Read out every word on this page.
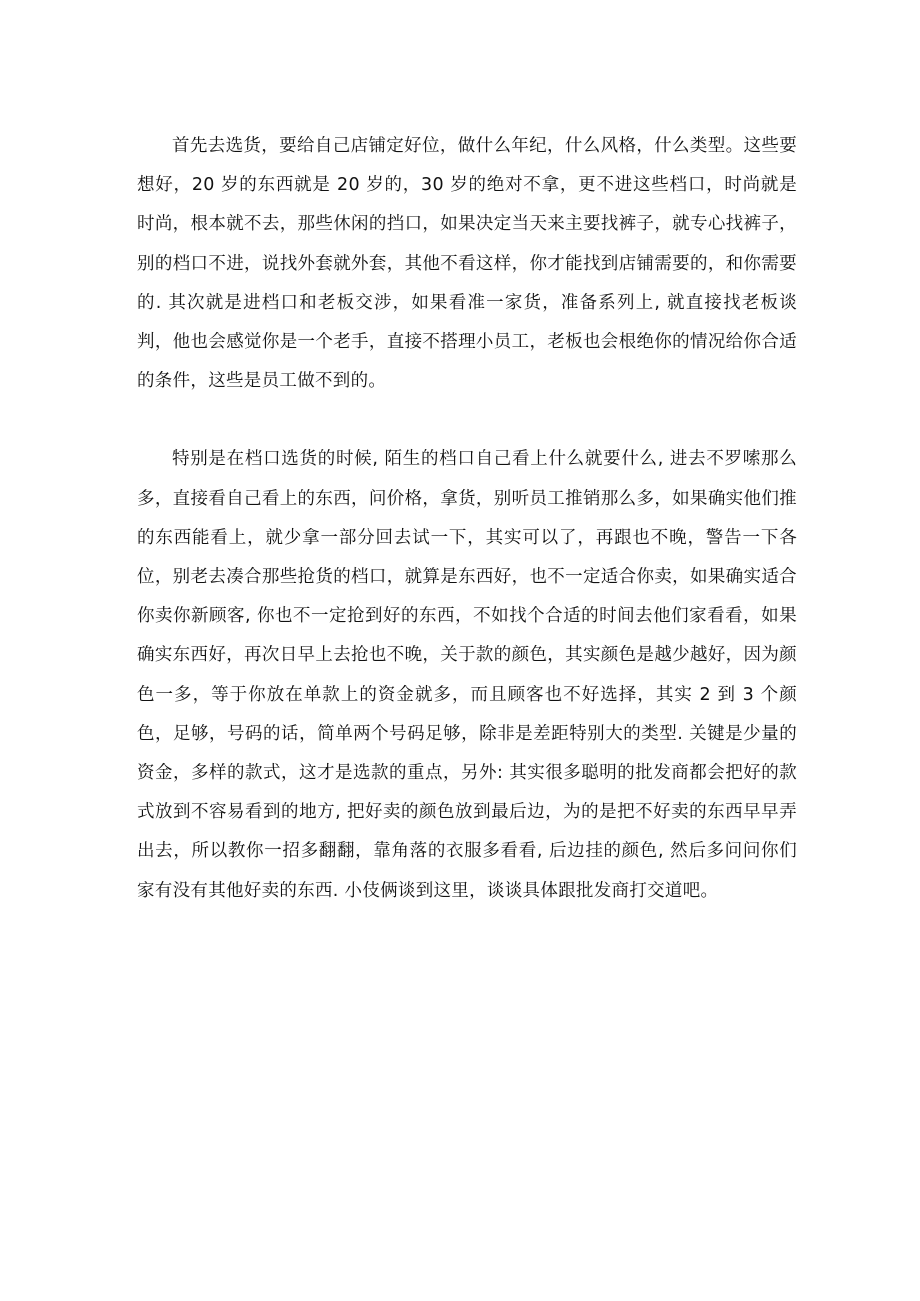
首先去选货，要给自己店铺定好位，做什么年纪，什么风格，什么类型。这些要想好，20 岁的东西就是 20 岁的，30 岁的绝对不拿，更不进这些档口，时尚就是时尚，根本就不去，那些休闲的挡口，如果决定当天来主要找裤子，就专心找裤子，别的档口不进，说找外套就外套，其他不看这样，你才能找到店铺需要的，和你需要的. 其次就是进档口和老板交涉，如果看准一家货，准备系列上, 就直接找老板谈判，他也会感觉你是一个老手，直接不搭理小员工，老板也会根绝你的情况给你合适的条件，这些是员工做不到的。

特别是在档口选货的时候, 陌生的档口自己看上什么就要什么, 进去不罗嗦那么多，直接看自己看上的东西，问价格，拿货，别听员工推销那么多，如果确实他们推的东西能看上，就少拿一部分回去试一下，其实可以了，再跟也不晚，警告一下各位，别老去凑合那些抢货的档口，就算是东西好，也不一定适合你卖，如果确实适合你卖你新顾客, 你也不一定抢到好的东西，不如找个合适的时间去他们家看看，如果确实东西好，再次日早上去抢也不晚，关于款的颜色，其实颜色是越少越好，因为颜色一多，等于你放在单款上的资金就多，而且顾客也不好选择，其实 2 到 3 个颜色，足够，号码的话，简单两个号码足够，除非是差距特别大的类型. 关键是少量的资金，多样的款式，这才是选款的重点，另外: 其实很多聪明的批发商都会把好的款式放到不容易看到的地方, 把好卖的颜色放到最后边，为的是把不好卖的东西早早弄出去，所以教你一招多翻翻，靠角落的衣服多看看, 后边挂的颜色, 然后多问问你们家有没有其他好卖的东西. 小伎俩谈到这里，谈谈具体跟批发商打交道吧。
